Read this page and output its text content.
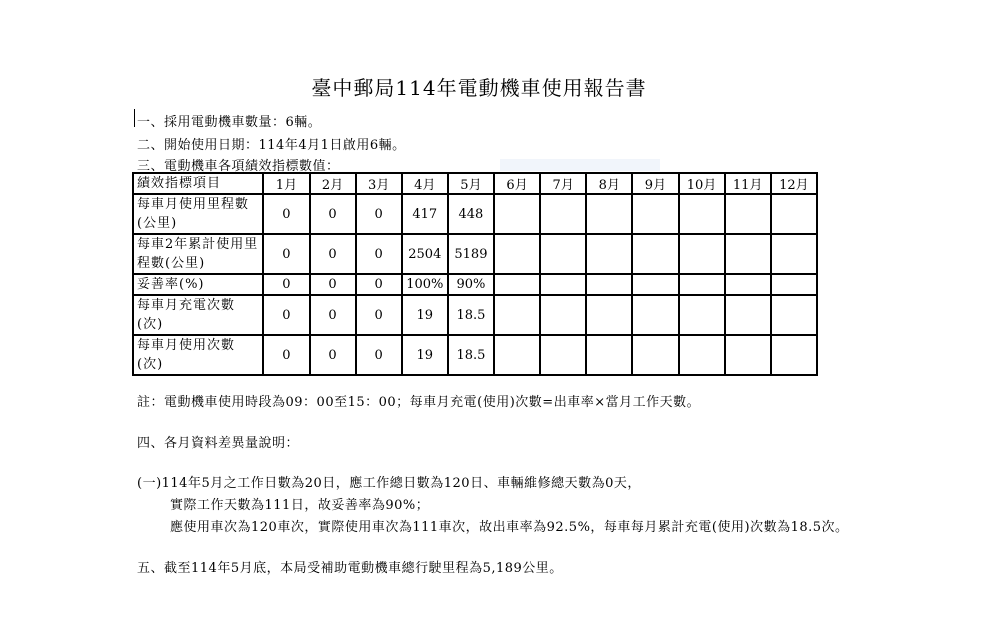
臺中郵局114年電動機車使用報告書
一、採用電動機車數量：6輛。
二、開始使用日期：114年4月1日啟用6輛。
三、電動機車各項績效指標數值：
績效指標項目	1月	2月	3月	4月	5月	6月	7月	8月	9月	10月	11月	12月
每車月使用里程數(公里)	0	0	0	417	448							
每車2年累計使用里程數(公里)	0	0	0	2504	5189							
妥善率(%)	0	0	0	100%	90%							
每車月充電次數(次)	0	0	0	19	18.5							
每車月使用次數(次)	0	0	0	19	18.5							
註：電動機車使用時段為09：00至15：00；每車月充電(使用)次數=出車率×當月工作天數。
四、各月資料差異量說明：
(一)114年5月之工作日數為20日，應工作總日數為120日、車輛維修總天數為0天，
實際工作天數為111日，故妥善率為90%；
應使用車次為120車次，實際使用車次為111車次，故出車率為92.5%，每車每月累計充電(使用)次數為18.5次。
五、截至114年5月底，本局受補助電動機車總行駛里程為5,189公里。
